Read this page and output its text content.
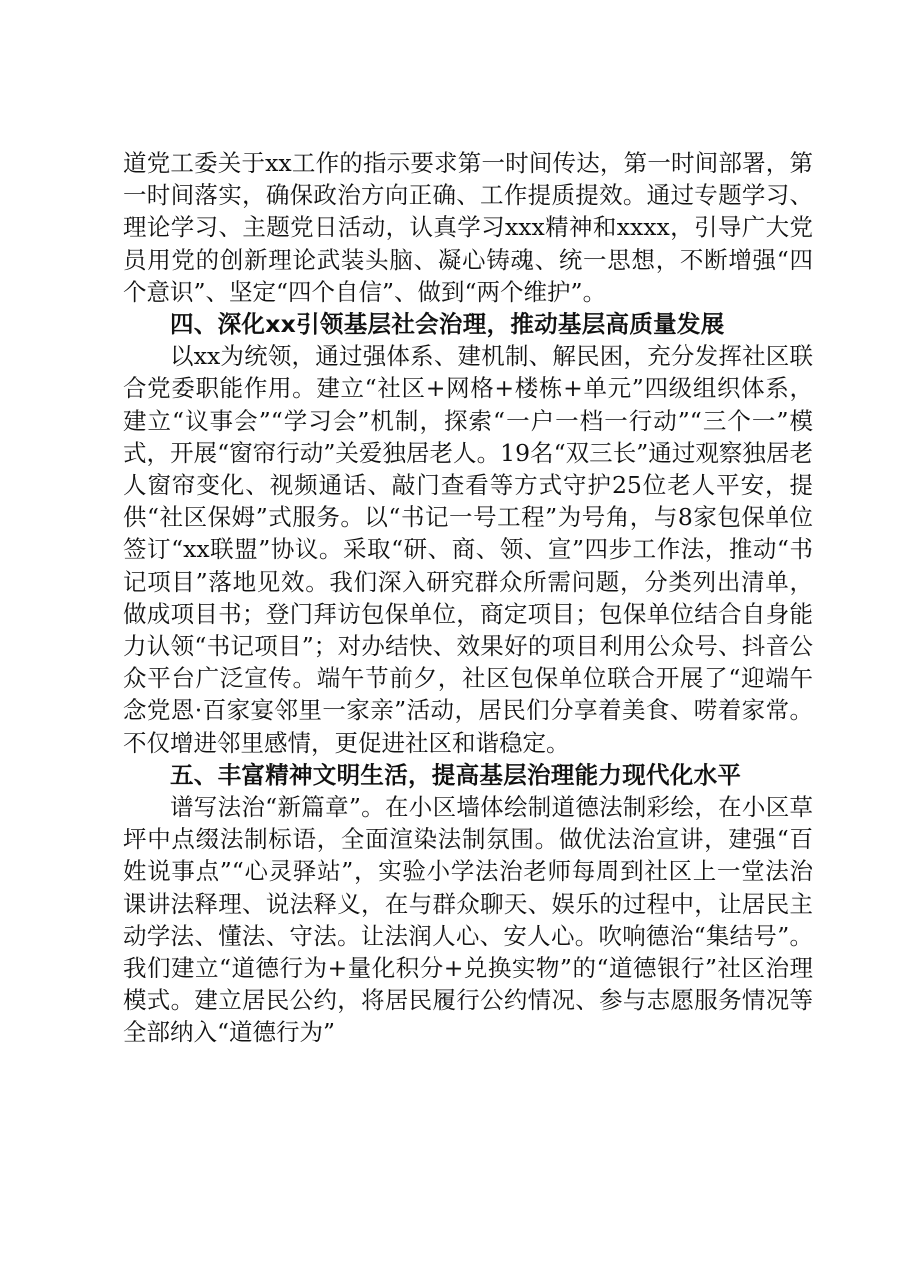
道党工委关于xx工作的指示要求第一时间传达，第一时间部署，第一时间落实，确保政治方向正确、工作提质提效。通过专题学习、理论学习、主题党日活动，认真学习xxx精神和xxxx，引导广大党员用党的创新理论武装头脑、凝心铸魂、统一思想，不断增强“四个意识”、坚定“四个自信”、做到“两个维护”。

四、深化xx引领基层社会治理，推动基层高质量发展

以xx为统领，通过强体系、建机制、解民困，充分发挥社区联合党委职能作用。建立“社区+网格+楼栋+单元”四级组织体系，建立“议事会”“学习会”机制，探索“一户一档一行动”“三个一”模式，开展“窗帘行动”关爱独居老人。19名“双三长”通过观察独居老人窗帘变化、视频通话、敲门查看等方式守护25位老人平安，提供“社区保姆”式服务。以“书记一号工程”为号角，与8家包保单位签订“xx联盟”协议。采取“研、商、领、宣”四步工作法，推动“书记项目”落地见效。我们深入研究群众所需问题，分类列出清单，做成项目书；登门拜访包保单位，商定项目；包保单位结合自身能力认领“书记项目”；对办结快、效果好的项目利用公众号、抖音公众平台广泛宣传。端午节前夕，社区包保单位联合开展了“迎端午念党恩·百家宴邻里一家亲”活动，居民们分享着美食、唠着家常。不仅增进邻里感情，更促进社区和谐稳定。

五、丰富精神文明生活，提高基层治理能力现代化水平

谱写法治“新篇章”。在小区墙体绘制道德法制彩绘，在小区草坪中点缀法制标语，全面渲染法制氛围。做优法治宣讲，建强“百姓说事点”“心灵驿站”，实验小学法治老师每周到社区上一堂法治课讲法释理、说法释义，在与群众聊天、娱乐的过程中，让居民主动学法、懂法、守法。让法润人心、安人心。吹响德治“集结号”。我们建立“道德行为+量化积分+兑换实物”的“道德银行”社区治理模式。建立居民公约，将居民履行公约情况、参与志愿服务情况等全部纳入“道德行为”
